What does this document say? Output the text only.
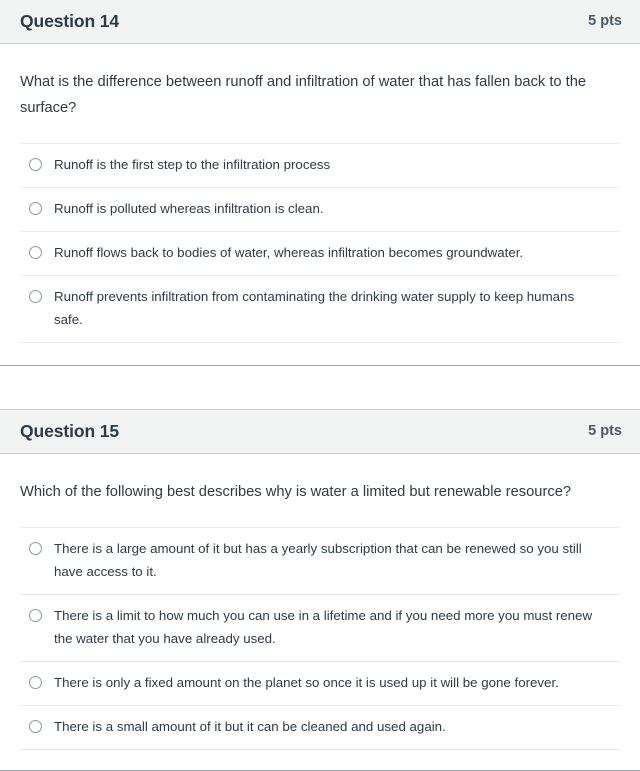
Question 14	5 pts

What is the difference between runoff and infiltration of water that has fallen back to the surface?

Runoff is the first step to the infiltration process
Runoff is polluted whereas infiltration is clean.
Runoff flows back to bodies of water, whereas infiltration becomes groundwater.
Runoff prevents infiltration from contaminating the drinking water supply to keep humans safe.
Question 15	5 pts

Which of the following best describes why is water a limited but renewable resource?

There is a large amount of it but has a yearly subscription that can be renewed so you still have access to it.
There is a limit to how much you can use in a lifetime and if you need more you must renew the water that you have already used.
There is only a fixed amount on the planet so once it is used up it will be gone forever.
There is a small amount of it but it can be cleaned and used again.
